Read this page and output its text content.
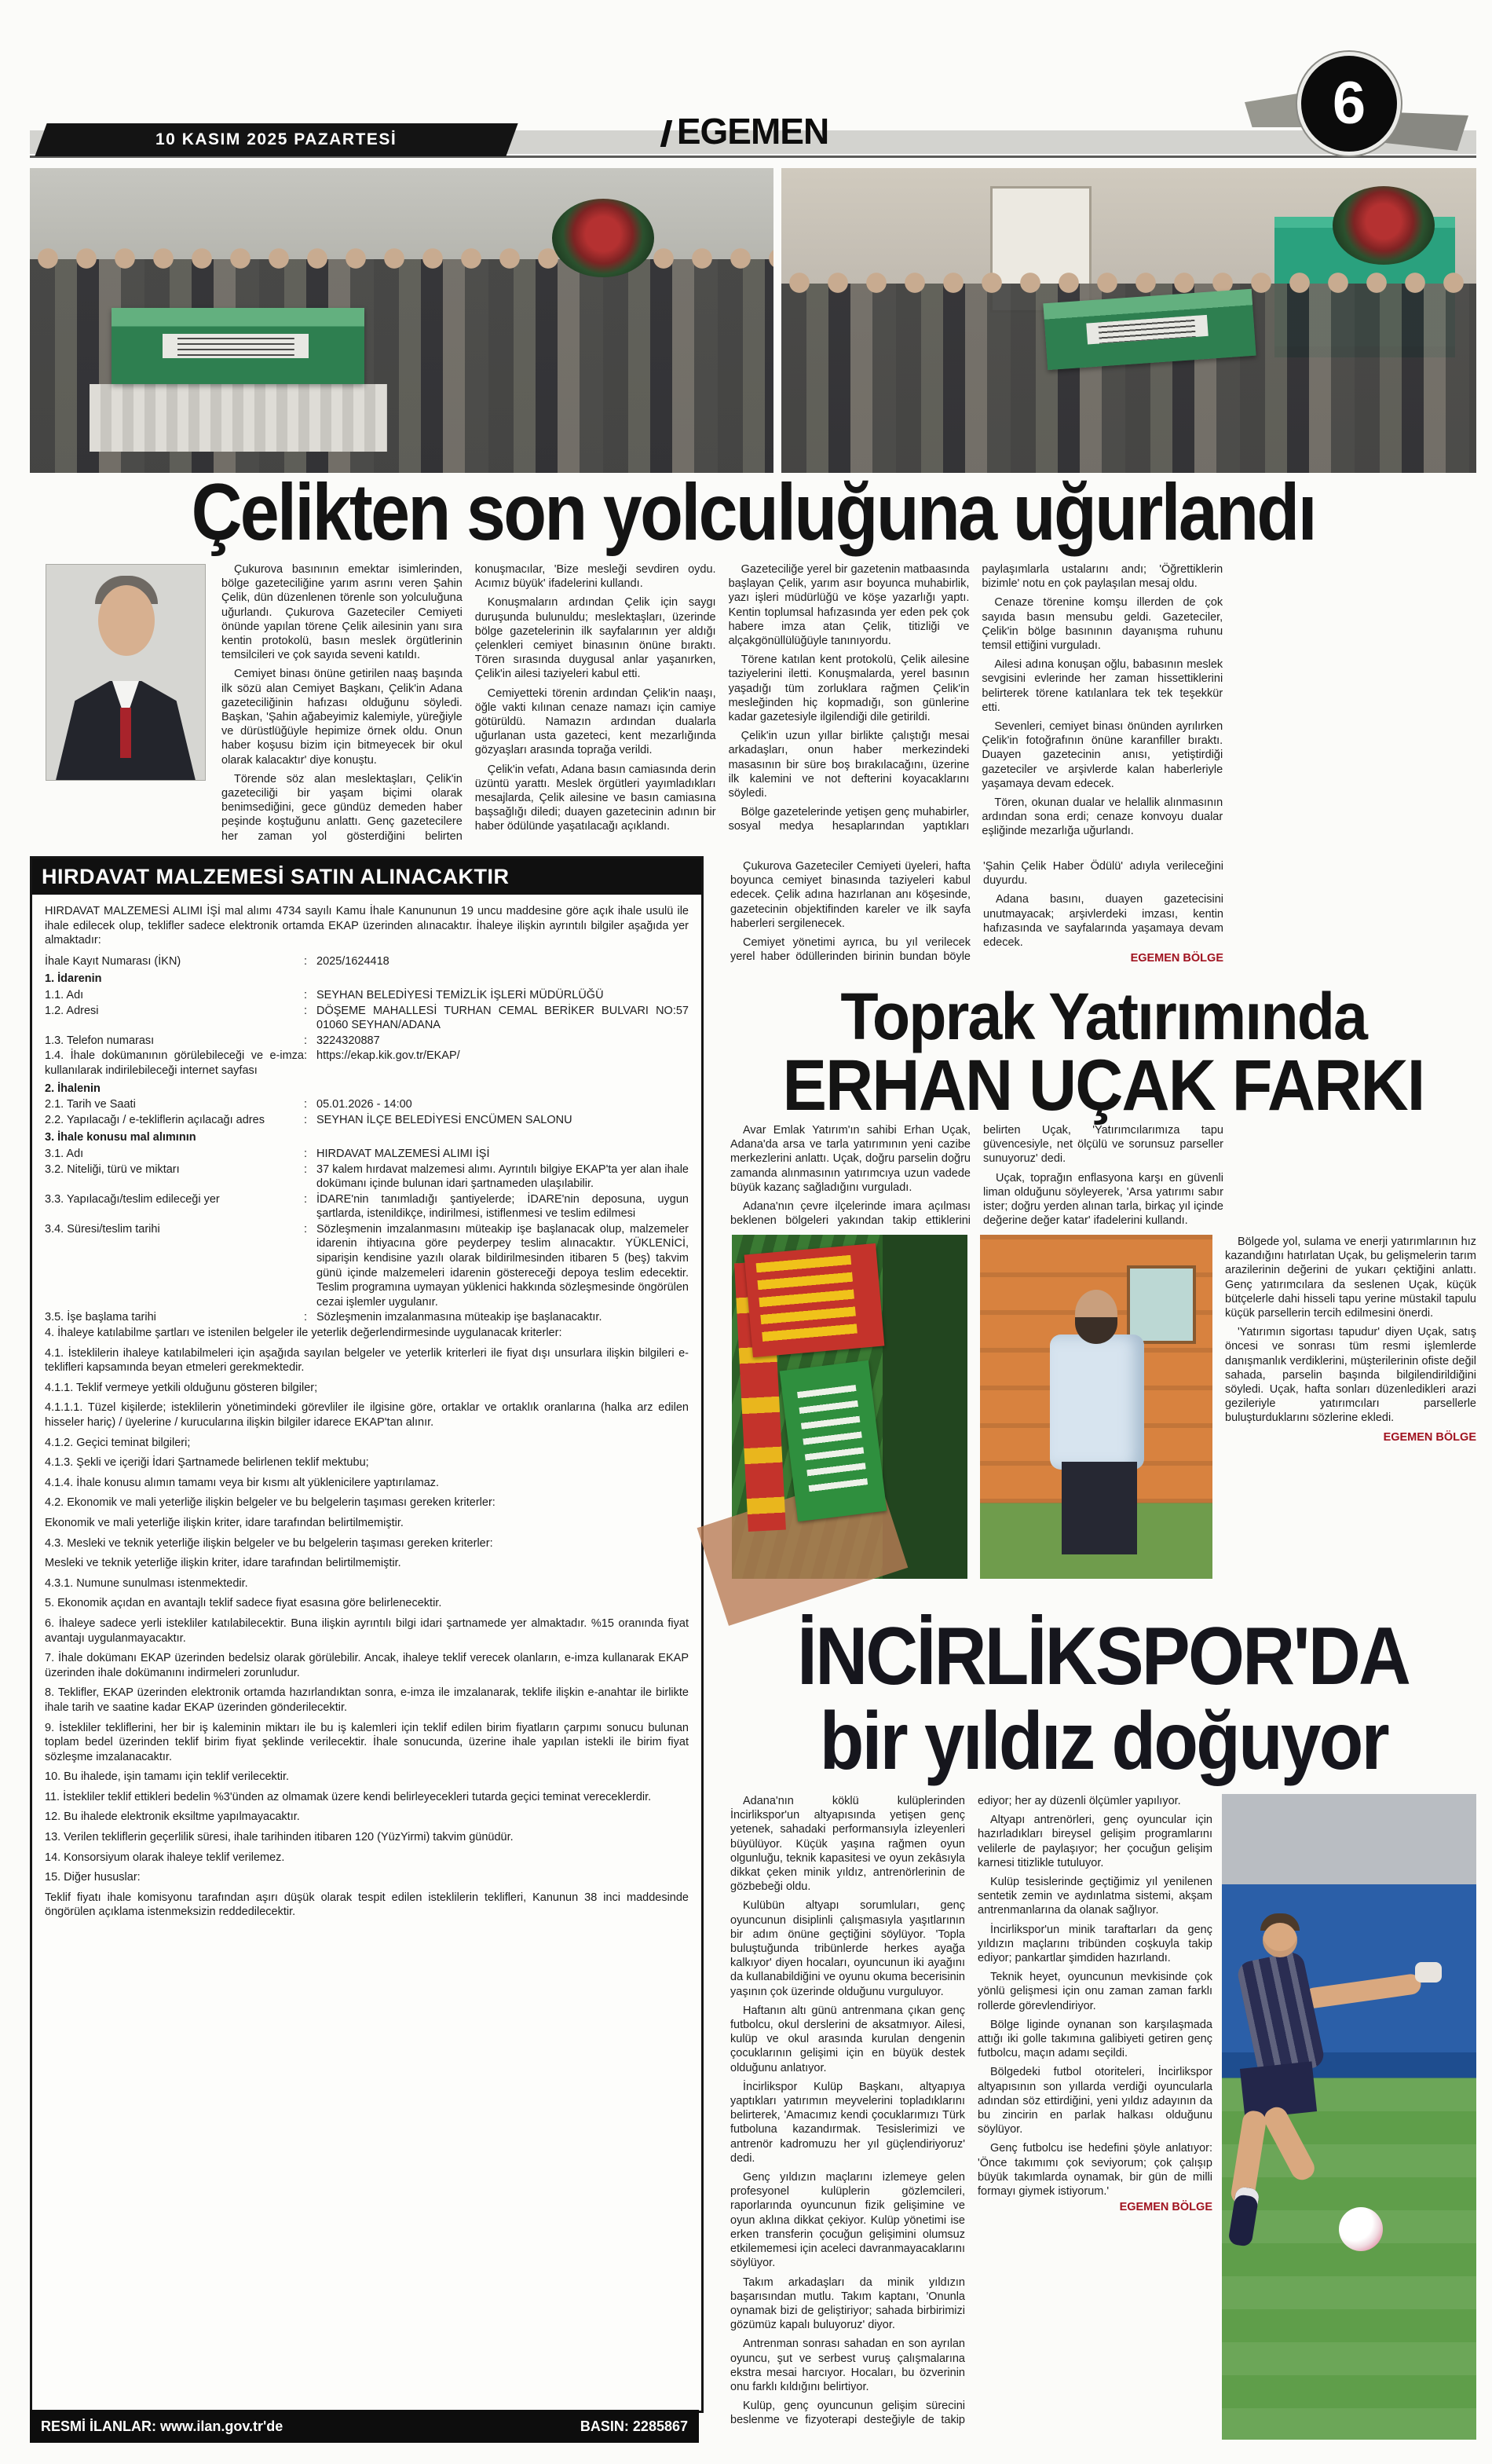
10 KASIM 2025 PAZARTESİ	EGEMEN	6
Çelikten son yolculuğuna uğurlandı

Çukurova basınının emektar isimlerinden, bölge gazeteciliğine yarım asrını veren Şahin Çelik, dün düzenlenen törenle son yolculuğuna uğurlandı. Çukurova Gazeteciler Cemiyeti önünde yapılan törene Çelik ailesinin yanı sıra kentin protokolü, basın meslek örgütlerinin temsilcileri ve çok sayıda seveni katıldı.

Cemiyet binası önüne getirilen naaş başında ilk sözü alan Cemiyet Başkanı, Çelik'in Adana gazeteciliğinin hafızası olduğunu söyledi. Başkan, 'Şahin ağabeyimiz kalemiyle, yüreğiyle ve dürüstlüğüyle hepimize örnek oldu. Onun haber koşusu bizim için bitmeyecek bir okul olarak kalacaktır' diye konuştu.

Törende söz alan meslektaşları, Çelik'in gazeteciliği bir yaşam biçimi olarak benimsediğini, gece gündüz demeden haber peşinde koştuğunu anlattı. Genç gazetecilere her zaman yol gösterdiğini belirten konuşmacılar, 'Bize mesleği sevdiren oydu. Acımız büyük' ifadelerini kullandı.

Konuşmaların ardından Çelik için saygı duruşunda bulunuldu; meslektaşları, üzerinde bölge gazetelerinin ilk sayfalarının yer aldığı çelenkleri cemiyet binasının önüne bıraktı. Tören sırasında duygusal anlar yaşanırken, Çelik'in ailesi taziyeleri kabul etti.

Cemiyetteki törenin ardından Çelik'in naaşı, öğle vakti kılınan cenaze namazı için camiye götürüldü. Namazın ardından dualarla uğurlanan usta gazeteci, kent mezarlığında gözyaşları arasında toprağa verildi.

Çelik'in vefatı, Adana basın camiasında derin üzüntü yarattı. Meslek örgütleri yayımladıkları mesajlarda, Çelik ailesine ve basın camiasına başsağlığı diledi; duayen gazetecinin adının bir haber ödülünde yaşatılacağı açıklandı.

Gazeteciliğe yerel bir gazetenin matbaasında başlayan Çelik, yarım asır boyunca muhabirlik, yazı işleri müdürlüğü ve köşe yazarlığı yaptı. Kentin toplumsal hafızasında yer eden pek çok habere imza atan Çelik, titizliği ve alçakgönüllülüğüyle tanınıyordu.

Törene katılan kent protokolü, Çelik ailesine taziyelerini iletti. Konuşmalarda, yerel basının yaşadığı tüm zorluklara rağmen Çelik'in mesleğinden hiç kopmadığı, son günlerine kadar gazetesiyle ilgilendiği dile getirildi.

Çelik'in uzun yıllar birlikte çalıştığı mesai arkadaşları, onun haber merkezindeki masasının bir süre boş bırakılacağını, üzerine ilk kalemini ve not defterini koyacaklarını söyledi.

Bölge gazetelerinde yetişen genç muhabirler, sosyal medya hesaplarından yaptıkları paylaşımlarla ustalarını andı; 'Öğrettiklerin bizimle' notu en çok paylaşılan mesaj oldu.

Cenaze törenine komşu illerden de çok sayıda basın mensubu geldi. Gazeteciler, Çelik'in bölge basınının dayanışma ruhunu temsil ettiğini vurguladı.

Ailesi adına konuşan oğlu, babasının meslek sevgisini evlerinde her zaman hissettiklerini belirterek törene katılanlara tek tek teşekkür etti.

Sevenleri, cemiyet binası önünden ayrılırken Çelik'in fotoğrafının önüne karanfiller bıraktı. Duayen gazetecinin anısı, yetiştirdiği gazeteciler ve arşivlerde kalan haberleriyle yaşamaya devam edecek.

Tören, okunan dualar ve helallik alınmasının ardından sona erdi; cenaze konvoyu dualar eşliğinde mezarlığa uğurlandı.

Çukurova Gazeteciler Cemiyeti üyeleri, hafta boyunca cemiyet binasında taziyeleri kabul edecek. Çelik adına hazırlanan anı köşesinde, gazetecinin objektifinden kareler ve ilk sayfa haberleri sergilenecek.

Cemiyet yönetimi ayrıca, bu yıl verilecek yerel haber ödüllerinden birinin bundan böyle 'Şahin Çelik Haber Ödülü' adıyla verileceğini duyurdu.

Adana basını, duayen gazetecisini unutmayacak; arşivlerdeki imzası, kentin hafızasında ve sayfalarında yaşamaya devam edecek.

EGEMEN BÖLGE
HIRDAVAT MALZEMESİ SATIN ALINACAKTIR

HIRDAVAT MALZEMESİ ALIMI İŞİ mal alımı 4734 sayılı Kamu İhale Kanununun 19 uncu maddesine göre açık ihale usulü ile ihale edilecek olup, teklifler sadece elektronik ortamda EKAP üzerinden alınacaktır. İhaleye ilişkin ayrıntılı bilgiler aşağıda yer almaktadır:

İhale Kayıt Numarası (İKN)	: 2025/1624418
1. İdarenin
1.1. Adı	: SEYHAN BELEDİYESİ TEMİZLİK İŞLERİ MÜDÜRLÜĞÜ
1.2. Adresi	: DÖŞEME MAHALLESİ TURHAN CEMAL BERİKER BULVARI NO:57 01060 SEYHAN/ADANA
1.3. Telefon numarası	: 3224320887
1.4. İhale dokümanının görülebileceği ve e-imza kullanılarak indirilebileceği internet sayfası
: https://ekap.kik.gov.tr/EKAP/
2. İhalenin
2.1. Tarih ve Saati	: 05.01.2026 - 14:00
2.2. Yapılacağı / e-tekliflerin açılacağı adres	: SEYHAN İLÇE BELEDİYESİ ENCÜMEN SALONU
3. İhale konusu mal alımının
3.1. Adı	: HIRDAVAT MALZEMESİ ALIMI İŞİ
3.2. Niteliği, türü ve miktarı	: 37 kalem hırdavat malzemesi alımı. Ayrıntılı bilgiye EKAP'ta yer alan ihale dokümanı içinde bulunan idari şartnameden ulaşılabilir.
3.3. Yapılacağı/teslim edileceği yer	: İDARE'nin tanımladığı şantiyelerde; İDARE'nin deposuna, uygun şartlarda, istenildikçe, indirilmesi, istiflenmesi ve teslim edilmesi
3.4. Süresi/teslim tarihi	: Sözleşmenin imzalanmasını müteakip işe başlanacak olup, malzemeler idarenin ihtiyacına göre peyderpey teslim alınacaktır. YÜKLENİCİ, siparişin kendisine yazılı olarak bildirilmesinden itibaren 5 (beş) takvim günü içinde malzemeleri idarenin göstereceği depoya teslim edecektir. Teslim programına uymayan yüklenici hakkında sözleşmesinde öngörülen cezai işlemler uygulanır.
3.5. İşe başlama tarihi	: Sözleşmenin imzalanmasına müteakip işe başlanacaktır.

4. İhaleye katılabilme şartları ve istenilen belgeler ile yeterlik değerlendirmesinde uygulanacak kriterler:

4.1. İsteklilerin ihaleye katılabilmeleri için aşağıda sayılan belgeler ve yeterlik kriterleri ile fiyat dışı unsurlara ilişkin bilgileri e-teklifleri kapsamında beyan etmeleri gerekmektedir.

4.1.1. Teklif vermeye yetkili olduğunu gösteren bilgiler;

4.1.1.1. Tüzel kişilerde; isteklilerin yönetimindeki görevliler ile ilgisine göre, ortaklar ve ortaklık oranlarına (halka arz edilen hisseler hariç) / üyelerine / kurucularına ilişkin bilgiler idarece EKAP'tan alınır.

4.1.2. Geçici teminat bilgileri;

4.1.3. Şekli ve içeriği İdari Şartnamede belirlenen teklif mektubu;

4.1.4. İhale konusu alımın tamamı veya bir kısmı alt yüklenicilere yaptırılamaz.

4.2. Ekonomik ve mali yeterliğe ilişkin belgeler ve bu belgelerin taşıması gereken kriterler:

Ekonomik ve mali yeterliğe ilişkin kriter, idare tarafından belirtilmemiştir.

4.3. Mesleki ve teknik yeterliğe ilişkin belgeler ve bu belgelerin taşıması gereken kriterler:

Mesleki ve teknik yeterliğe ilişkin kriter, idare tarafından belirtilmemiştir.

4.3.1. Numune sunulması istenmektedir.

5. Ekonomik açıdan en avantajlı teklif sadece fiyat esasına göre belirlenecektir.

6. İhaleye sadece yerli istekliler katılabilecektir. Buna ilişkin ayrıntılı bilgi idari şartnamede yer almaktadır. %15 oranında fiyat avantajı uygulanmayacaktır.

7. İhale dokümanı EKAP üzerinden bedelsiz olarak görülebilir. Ancak, ihaleye teklif verecek olanların, e-imza kullanarak EKAP üzerinden ihale dokümanını indirmeleri zorunludur.

8. Teklifler, EKAP üzerinden elektronik ortamda hazırlandıktan sonra, e-imza ile imzalanarak, teklife ilişkin e-anahtar ile birlikte ihale tarih ve saatine kadar EKAP üzerinden gönderilecektir.

9. İstekliler tekliflerini, her bir iş kaleminin miktarı ile bu iş kalemleri için teklif edilen birim fiyatların çarpımı sonucu bulunan toplam bedel üzerinden teklif birim fiyat şeklinde verilecektir. İhale sonucunda, üzerine ihale yapılan istekli ile birim fiyat sözleşme imzalanacaktır.

10. Bu ihalede, işin tamamı için teklif verilecektir.

11. İstekliler teklif ettikleri bedelin %3'ünden az olmamak üzere kendi belirleyecekleri tutarda geçici teminat vereceklerdir.

12. Bu ihalede elektronik eksiltme yapılmayacaktır.

13. Verilen tekliflerin geçerlilik süresi, ihale tarihinden itibaren 120 (YüzYirmi) takvim günüdür.

14. Konsorsiyum olarak ihaleye teklif verilemez.

15. Diğer hususlar:

Teklif fiyatı ihale komisyonu tarafından aşırı düşük olarak tespit edilen isteklilerin teklifleri, Kanunun 38 inci maddesinde öngörülen açıklama istenmeksizin reddedilecektir.

RESMİ İLANLAR: www.ilan.gov.tr'de	BASIN: 2285867
Toprak Yatırımında
ERHAN UÇAK FARKI

Avar Emlak Yatırım'ın sahibi Erhan Uçak, Adana'da arsa ve tarla yatırımının yeni cazibe merkezlerini anlattı. Uçak, doğru parselin doğru zamanda alınmasının yatırımcıya uzun vadede büyük kazanç sağladığını vurguladı.

Adana'nın çevre ilçelerinde imara açılması beklenen bölgeleri yakından takip ettiklerini belirten Uçak, 'Yatırımcılarımıza tapu güvencesiyle, net ölçülü ve sorunsuz parseller sunuyoruz' dedi.

Uçak, toprağın enflasyona karşı en güvenli liman olduğunu söyleyerek, 'Arsa yatırımı sabır ister; doğru yerden alınan tarla, birkaç yıl içinde değerine değer katar' ifadelerini kullandı.

Bölgede yol, sulama ve enerji yatırımlarının hız kazandığını hatırlatan Uçak, bu gelişmelerin tarım arazilerinin değerini de yukarı çektiğini anlattı. Genç yatırımcılara da seslenen Uçak, küçük bütçelerle dahi hisseli tapu yerine müstakil tapulu küçük parsellerin tercih edilmesini önerdi.

'Yatırımın sigortası tapudur' diyen Uçak, satış öncesi ve sonrası tüm resmi işlemlerde danışmanlık verdiklerini, müşterilerinin ofiste değil sahada, parselin başında bilgilendirildiğini söyledi. Uçak, hafta sonları düzenledikleri arazi gezileriyle yatırımcıları parsellerle buluşturduklarını sözlerine ekledi.

EGEMEN BÖLGE
İNCİRLİKSPOR'DA
bir yıldız doğuyor

Adana'nın köklü kulüplerinden İncirlikspor'un altyapısında yetişen genç yetenek, sahadaki performansıyla izleyenleri büyülüyor. Küçük yaşına rağmen oyun olgunluğu, teknik kapasitesi ve oyun zekâsıyla dikkat çeken minik yıldız, antrenörlerinin de gözbebeği oldu.

Kulübün altyapı sorumluları, genç oyuncunun disiplinli çalışmasıyla yaşıtlarının bir adım önüne geçtiğini söylüyor. 'Topla buluştuğunda tribünlerde herkes ayağa kalkıyor' diyen hocaları, oyuncunun iki ayağını da kullanabildiğini ve oyunu okuma becerisinin yaşının çok üzerinde olduğunu vurguluyor.

Haftanın altı günü antrenmana çıkan genç futbolcu, okul derslerini de aksatmıyor. Ailesi, kulüp ve okul arasında kurulan dengenin çocuklarının gelişimi için en büyük destek olduğunu anlatıyor.

İncirlikspor Kulüp Başkanı, altyapıya yaptıkları yatırımın meyvelerini topladıklarını belirterek, 'Amacımız kendi çocuklarımızı Türk futboluna kazandırmak. Tesislerimizi ve antrenör kadromuzu her yıl güçlendiriyoruz' dedi.

Genç yıldızın maçlarını izlemeye gelen profesyonel kulüplerin gözlemcileri, raporlarında oyuncunun fizik gelişimine ve oyun aklına dikkat çekiyor. Kulüp yönetimi ise erken transferin çocuğun gelişimini olumsuz etkilememesi için aceleci davranmayacaklarını söylüyor.

Takım arkadaşları da minik yıldızın başarısından mutlu. Takım kaptanı, 'Onunla oynamak bizi de geliştiriyor; sahada birbirimizi gözümüz kapalı buluyoruz' diyor.

Antrenman sonrası sahadan en son ayrılan oyuncu, şut ve serbest vuruş çalışmalarına ekstra mesai harcıyor. Hocaları, bu özverinin onu farklı kıldığını belirtiyor.

Kulüp, genç oyuncunun gelişim sürecini beslenme ve fizyoterapi desteğiyle de takip ediyor; her ay düzenli ölçümler yapılıyor.

Altyapı antrenörleri, genç oyuncular için hazırladıkları bireysel gelişim programlarını velilerle de paylaşıyor; her çocuğun gelişim karnesi titizlikle tutuluyor.

Kulüp tesislerinde geçtiğimiz yıl yenilenen sentetik zemin ve aydınlatma sistemi, akşam antrenmanlarına da olanak sağlıyor.

İncirlikspor'un minik taraftarları da genç yıldızın maçlarını tribünden coşkuyla takip ediyor; pankartlar şimdiden hazırlandı.

Teknik heyet, oyuncunun mevkisinde çok yönlü gelişmesi için onu zaman zaman farklı rollerde görevlendiriyor.

Bölge liginde oynanan son karşılaşmada attığı iki golle takımına galibiyeti getiren genç futbolcu, maçın adamı seçildi.

Bölgedeki futbol otoriteleri, İncirlikspor altyapısının son yıllarda verdiği oyuncularla adından söz ettirdiğini, yeni yıldız adayının da bu zincirin en parlak halkası olduğunu söylüyor.

Genç futbolcu ise hedefini şöyle anlatıyor: 'Önce takımımı çok seviyorum; çok çalışıp büyük takımlarda oynamak, bir gün de milli formayı giymek istiyorum.'

EGEMEN BÖLGE
